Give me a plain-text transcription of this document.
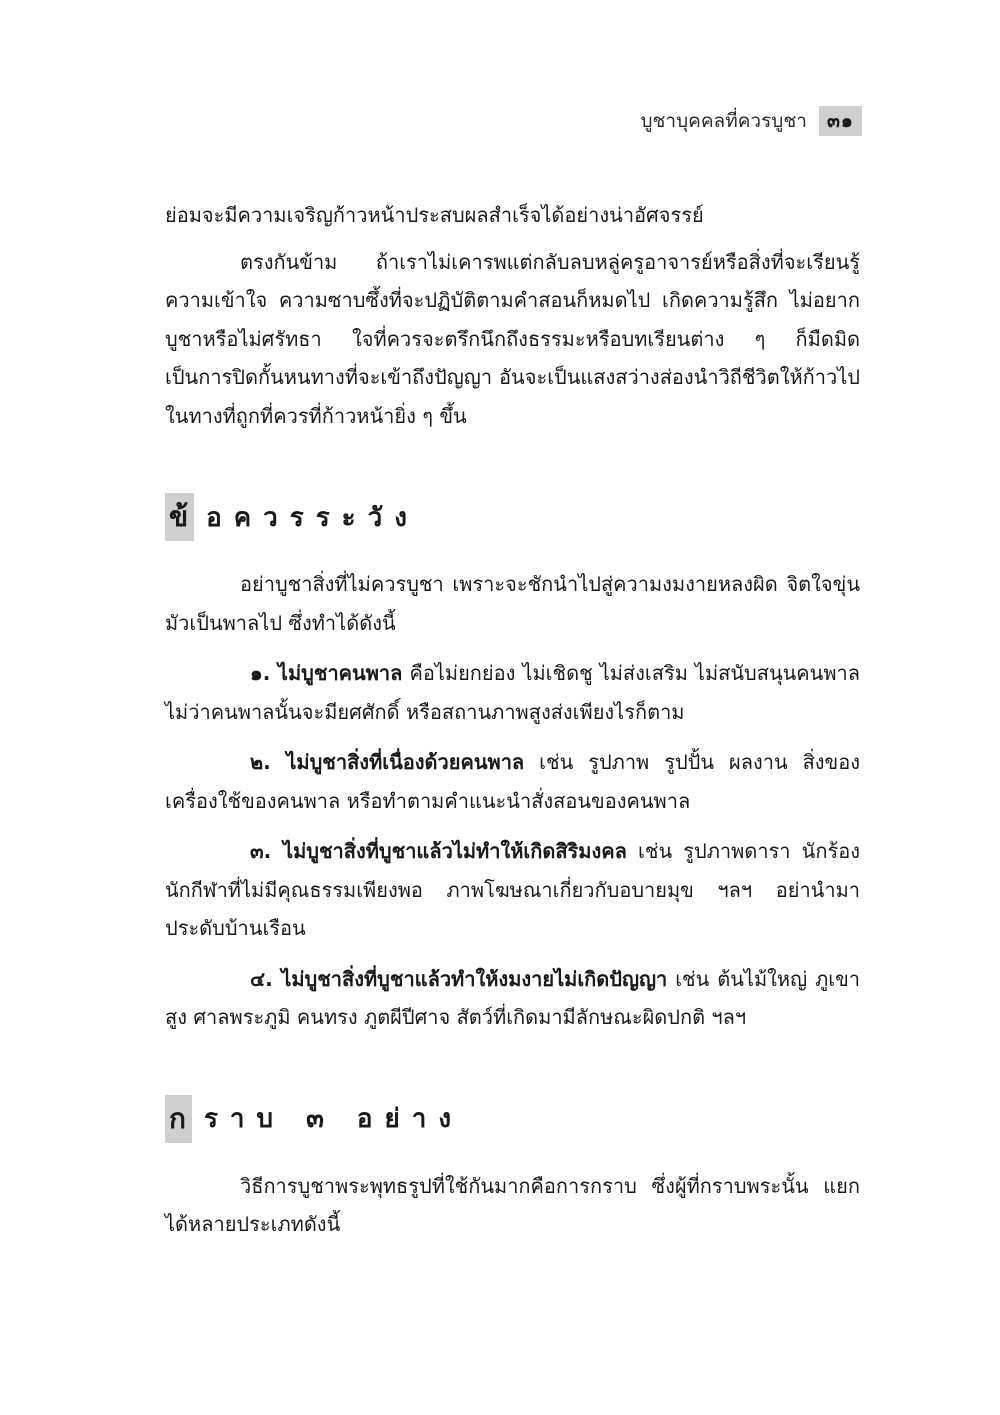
บูชาบุคคลที่ควรบูชา	๓๑

ย่อมจะมีความเจริญก้าวหน้าประสบผลสำเร็จได้อย่างน่าอัศจรรย์

ตรงกันข้าม ถ้าเราไม่เคารพแต่กลับลบหลู่ครูอาจารย์หรือสิ่งที่จะเรียนรู้ ความเข้าใจ ความซาบซึ้งที่จะปฏิบัติตามคำสอนก็หมดไป เกิดความรู้สึก ไม่อยากบูชาหรือไม่ศรัทธา ใจที่ควรจะตรึกนึกถึงธรรมะหรือบทเรียนต่าง ๆ ก็มืดมิด เป็นการปิดกั้นหนทางที่จะเข้าถึงปัญญา อันจะเป็นแสงสว่างส่องนำวิถีชีวิตให้ก้าวไปในทางที่ถูกที่ควรที่ก้าวหน้ายิ่ง ๆ ขึ้น

ข้ อควรระวัง

อย่าบูชาสิ่งที่ไม่ควรบูชา เพราะจะชักนำไปสู่ความงมงายหลงผิด จิตใจขุ่นมัวเป็นพาลไป ซึ่งทำได้ดังนี้

๑. ไม่บูชาคนพาล คือไม่ยกย่อง ไม่เชิดชู ไม่ส่งเสริม ไม่สนับสนุนคนพาล ไม่ว่าคนพาลนั้นจะมียศศักดิ์ หรือสถานภาพสูงส่งเพียงไรก็ตาม

๒. ไม่บูชาสิ่งที่เนื่องด้วยคนพาล เช่น รูปภาพ รูปปั้น ผลงาน สิ่งของเครื่องใช้ของคนพาล หรือทำตามคำแนะนำสั่งสอนของคนพาล

๓. ไม่บูชาสิ่งที่บูชาแล้วไม่ทำให้เกิดสิริมงคล เช่น รูปภาพดารา นักร้องนักกีฬาที่ไม่มีคุณธรรมเพียงพอ ภาพโฆษณาเกี่ยวกับอบายมุข ฯลฯ อย่านำมาประดับบ้านเรือน

๔. ไม่บูชาสิ่งที่บูชาแล้วทำให้งมงายไม่เกิดปัญญา เช่น ต้นไม้ใหญ่ ภูเขาสูง ศาลพระภูมิ คนทรง ภูตผีปีศาจ สัตว์ที่เกิดมามีลักษณะผิดปกติ ฯลฯ

ก ราบ ๓ อย่าง

วิธีการบูชาพระพุทธรูปที่ใช้กันมากคือการกราบ ซึ่งผู้ที่กราบพระนั้น แยกได้หลายประเภทดังนี้
